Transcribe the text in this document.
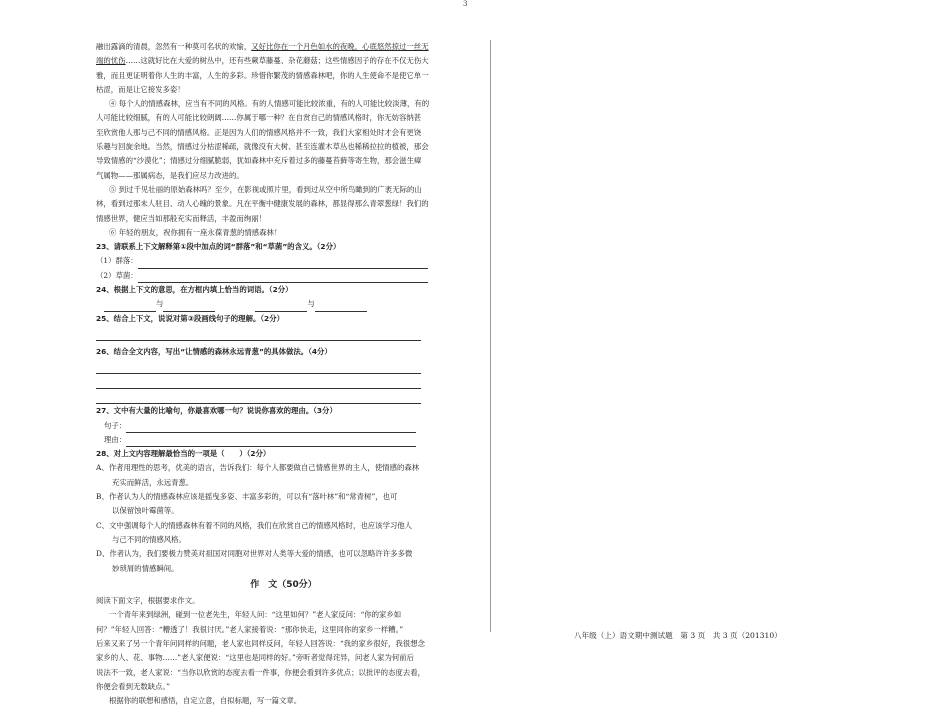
3

融出露滴的清晨，忽然有一种莫可名状的欢愉，又好比你在一个月色如水的夜晚，心底悠然掠过一丝无

端的忧伤……这就好比在大爱的树丛中，还有些蕨草藤蔓、杂花蘑菇；这些情感因子的存在不仅无伤大

雅，而且更证明着你人生的丰富，人生的多彩。珍惜你繁茂的情感森林吧，你的人生使命不是使它单一

枯涩，而是让它接发多姿！

④ 每个人的情感森林，应当有不同的风格。有的人情感可能比较浓重，有的人可能比较淡薄，有的

人可能比较细腻，有的人可能比较朗阔……你属于哪一种？在自赏自己的情感风格时，你无妨容纳甚

至欣赏他人那与己不同的情感风格。正是因为人们的情感风格并不一致，我们大家相处时才会有更饶

乐趣与回旋余地。当然，情感过分枯涩稀疏，就像没有大树、甚至连灌木草丛也稀稀拉拉的植被，那会

导致情感的“沙漠化”；情感过分细腻脆弱，犹如森林中充斥着过多的藤蔓苔藓等寄生物，那会滋生瘴

气属物——那属病态，是我们应尽力改进的。

⑤ 到过千见壮丽的原始森林吗？至少，在影视或照片里，看到过从空中所鸟瞰到的广袤无际的山

林，看到过那未人驻目、动人心魄的景象。凡在平衡中健康发展的森林，都显得那么青翠葱绿！我们的

情感世界，健应当如那般充实而释活，丰盈而绚丽！

⑥ 年轻的朋友，祝你拥有一座永葆青葱的情感森林！

23、请联系上下文解释第①段中加点的词“群落”和“草菌”的含义。（2分）

（1）群落：

（2）草菌：

24、根据上下文的意思，在方框内填上恰当的词语。（2分）

与	与

25、结合上下文，说说对第③段画线句子的理解。（2分）

26、结合全文内容，写出“让情感的森林永远青葱”的具体做法。（4分）

27、文中有大量的比喻句，你最喜欢哪一句？说说你喜欢的理由。（3分）

句子：

理由：

28、对上文内容理解最恰当的一项是（　　）（2分）

A、作者用理性的思考，优美的语言，告诉我们：每个人都要做自己情感世界的主人，使情感的森林

充实而鲜活，永远青葱。

B、作者认为人的情感森林应该是摇曳多姿、丰富多彩的，可以有“落叶林”和“常青树”，也可

以保留蚀叶霉菌等。

C、文中强调每个人的情感森林有着不同的风格，我们在欣赏自己的情感风格时，也应该学习他人

与己不同的情感风格。

D、作者认为，我们要极力赞美对祖国对同胞对世界对人类等大爱的情感，也可以忽略许许多多微

妙琐屑的情感瞬间。

作　文（50分）

阅读下面文字，根据要求作文。

一个青年来到绿洲，碰到一位老先生，年轻人问：“这里如何？”老人家反问：“你的家乡如

何？”年轻人回答：“糟透了！我很讨厌。”老人家接着说：“那你快走，这里同你的家乡一样糟。”

后来又来了另一个青年问同样的问题，老人家也同样反问，年轻人回答说：“我的家乡很好，我很想念

家乡的人、花、事物……”老人家便说：“这里也是同样的好。”旁听者觉得诧异，问老人家为何前后

说法不一致，老人家说：“当你以欣赏的态度去看一件事，你便会看到许多优点；以批评的态度去看，

你便会看到无数缺点。”

根据你的联想和感悟，自定立意，自拟标题，写一篇文章。

八年级（上）语文期中测试题　第 3 页　共 3 页（201310）
